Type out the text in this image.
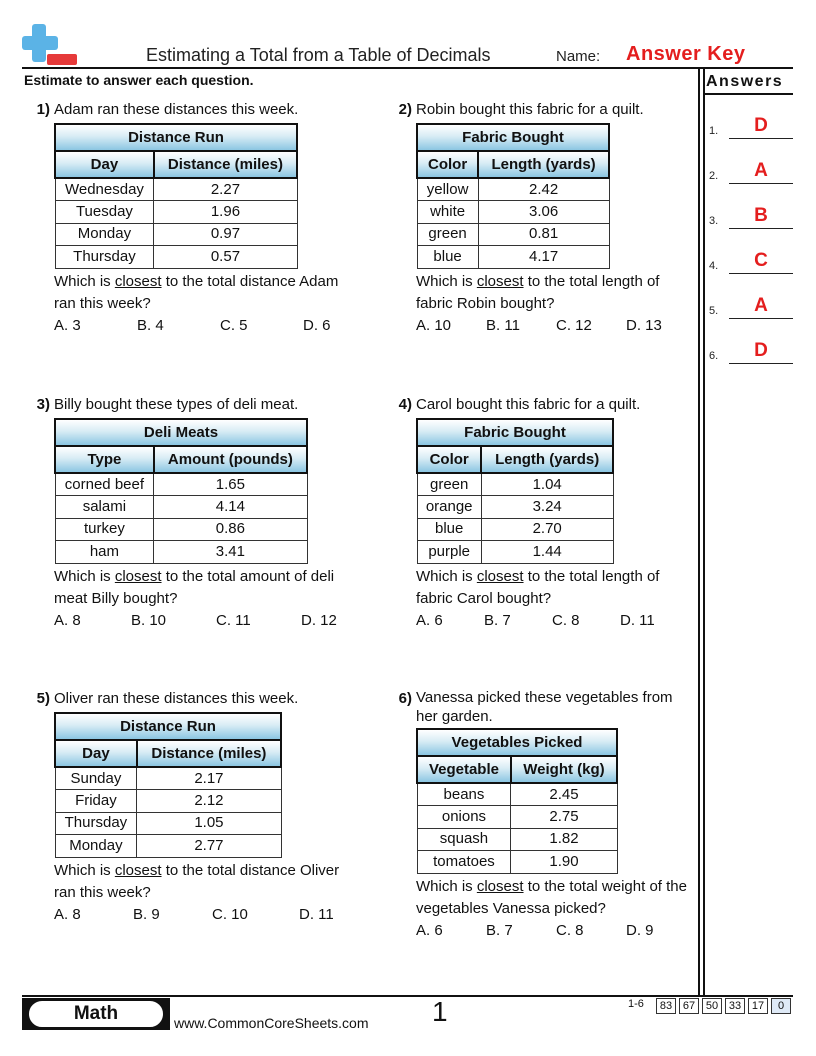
Estimating a Total from a Table of Decimals	Name: Answer Key
Estimate to answer each question.	Answers
1.	D
2.	A
3.	B
4.	C
5.	A
6.	D
1) Adam ran these distances this week.
Distance Run	
Day	Distance (miles)
Wednesday	2.27
Tuesday	1.96
Monday	0.97
Thursday	0.57
Which is closest to the total distance Adam ran this week?
A. 3	B. 4	C. 5	D. 6
2) Robin bought this fabric for a quilt.
Fabric Bought	
Color	Length (yards)
yellow	2.42
white	3.06
green	0.81
blue	4.17
Which is closest to the total length of fabric Robin bought?
A. 10	B. 11	C. 12	D. 13
3) Billy bought these types of deli meat.
Deli Meats	
Type	Amount (pounds)
corned beef	1.65
salami	4.14
turkey	0.86
ham	3.41
Which is closest to the total amount of deli meat Billy bought?
A. 8	B. 10	C. 11	D. 12
4) Carol bought this fabric for a quilt.
Fabric Bought	
Color	Length (yards)
green	1.04
orange	3.24
blue	2.70
purple	1.44
Which is closest to the total length of fabric Carol bought?
A. 6	B. 7	C. 8	D. 11
5) Oliver ran these distances this week.
Distance Run	
Day	Distance (miles)
Sunday	2.17
Friday	2.12
Thursday	1.05
Monday	2.77
Which is closest to the total distance Oliver ran this week?
A. 8	B. 9	C. 10	D. 11
6) Vanessa picked these vegetables from her garden.
Vegetables Picked	
Vegetable	Weight (kg)
beans	2.45
onions	2.75
squash	1.82
tomatoes	1.90
Which is closest to the total weight of the vegetables Vanessa picked?
A. 6	B. 7	C. 8	D. 9
Math	www.CommonCoreSheets.com 1	1-6	83 67 50 33 17	0
